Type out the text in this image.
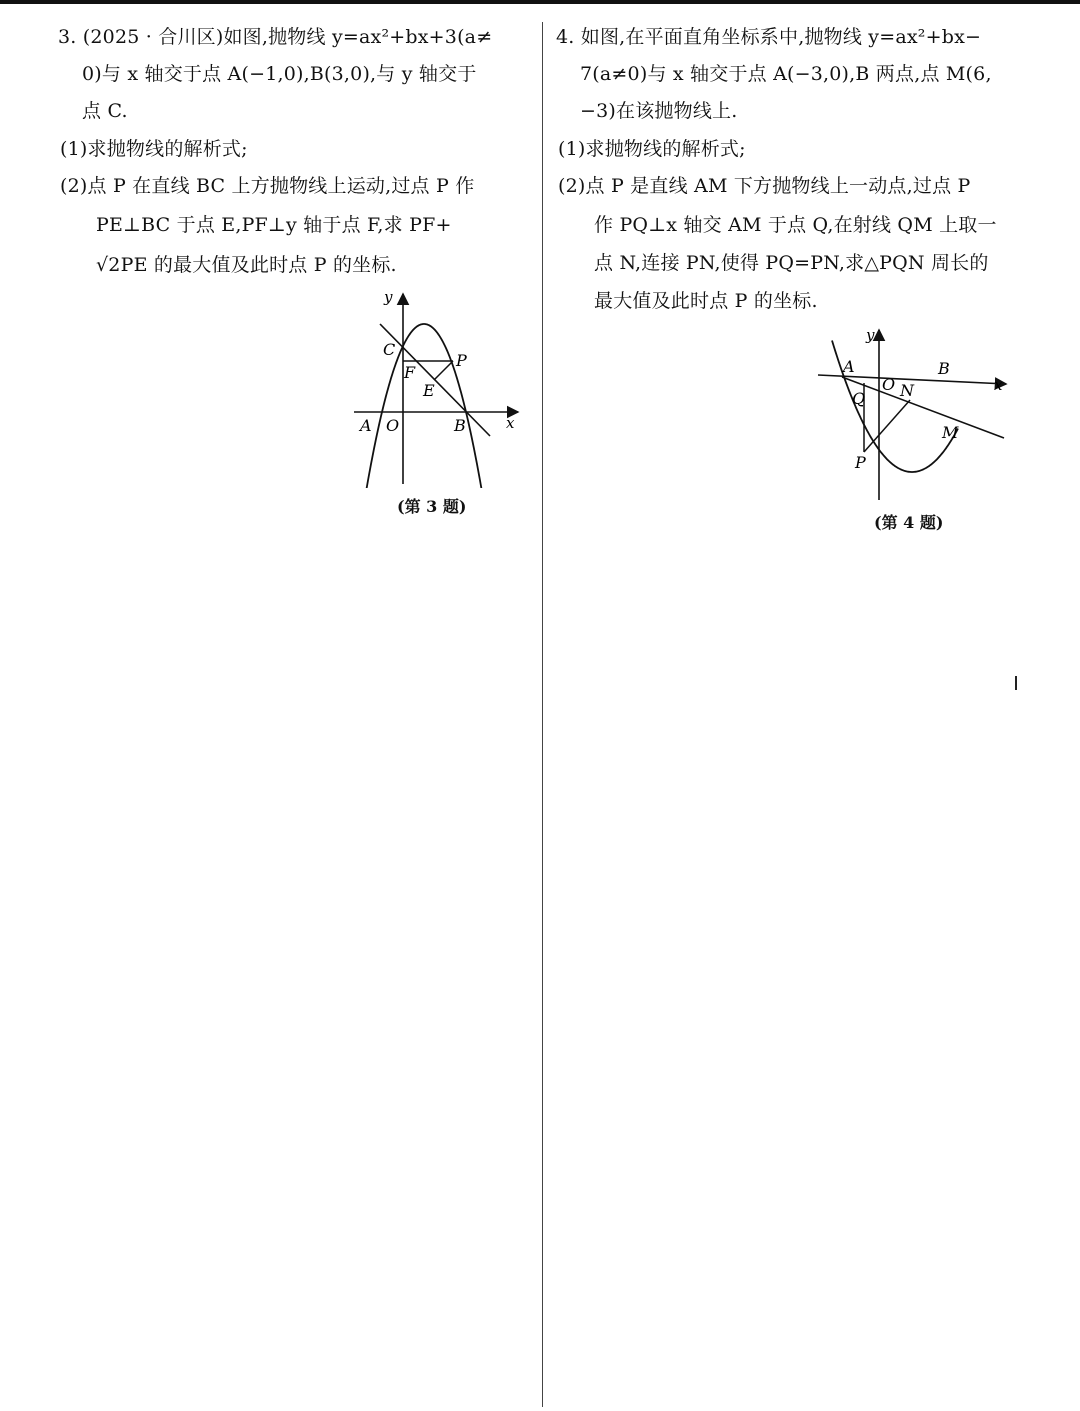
3. (2025 · 合川区)如图,抛物线 y=ax²+bx+3(a≠
0)与 x 轴交于点 A(−1,0),B(3,0),与 y 轴交于
点 C.
(1)求抛物线的解析式;
(2)点 P 在直线 BC 上方抛物线上运动,过点 P 作
PE⊥BC 于点 E,PF⊥y 轴于点 F,求 PF+
√2PE 的最大值及此时点 P 的坐标.
y
x
C
P
F
E
A O	B
(第 3 题)
4. 如图,在平面直角坐标系中,抛物线 y=ax²+bx−
7(a≠0)与 x 轴交于点 A(−3,0),B 两点,点 M(6,
−3)在该抛物线上.
(1)求抛物线的解析式;
(2)点 P 是直线 AM 下方抛物线上一动点,过点 P
作 PQ⊥x 轴交 AM 于点 Q,在射线 QM 上取一
点 N,连接 PN,使得 PQ=PN,求△PQN 周长的
最大值及此时点 P 的坐标.
y
x
A
O N
B
Q
M
P
(第 4 题)
